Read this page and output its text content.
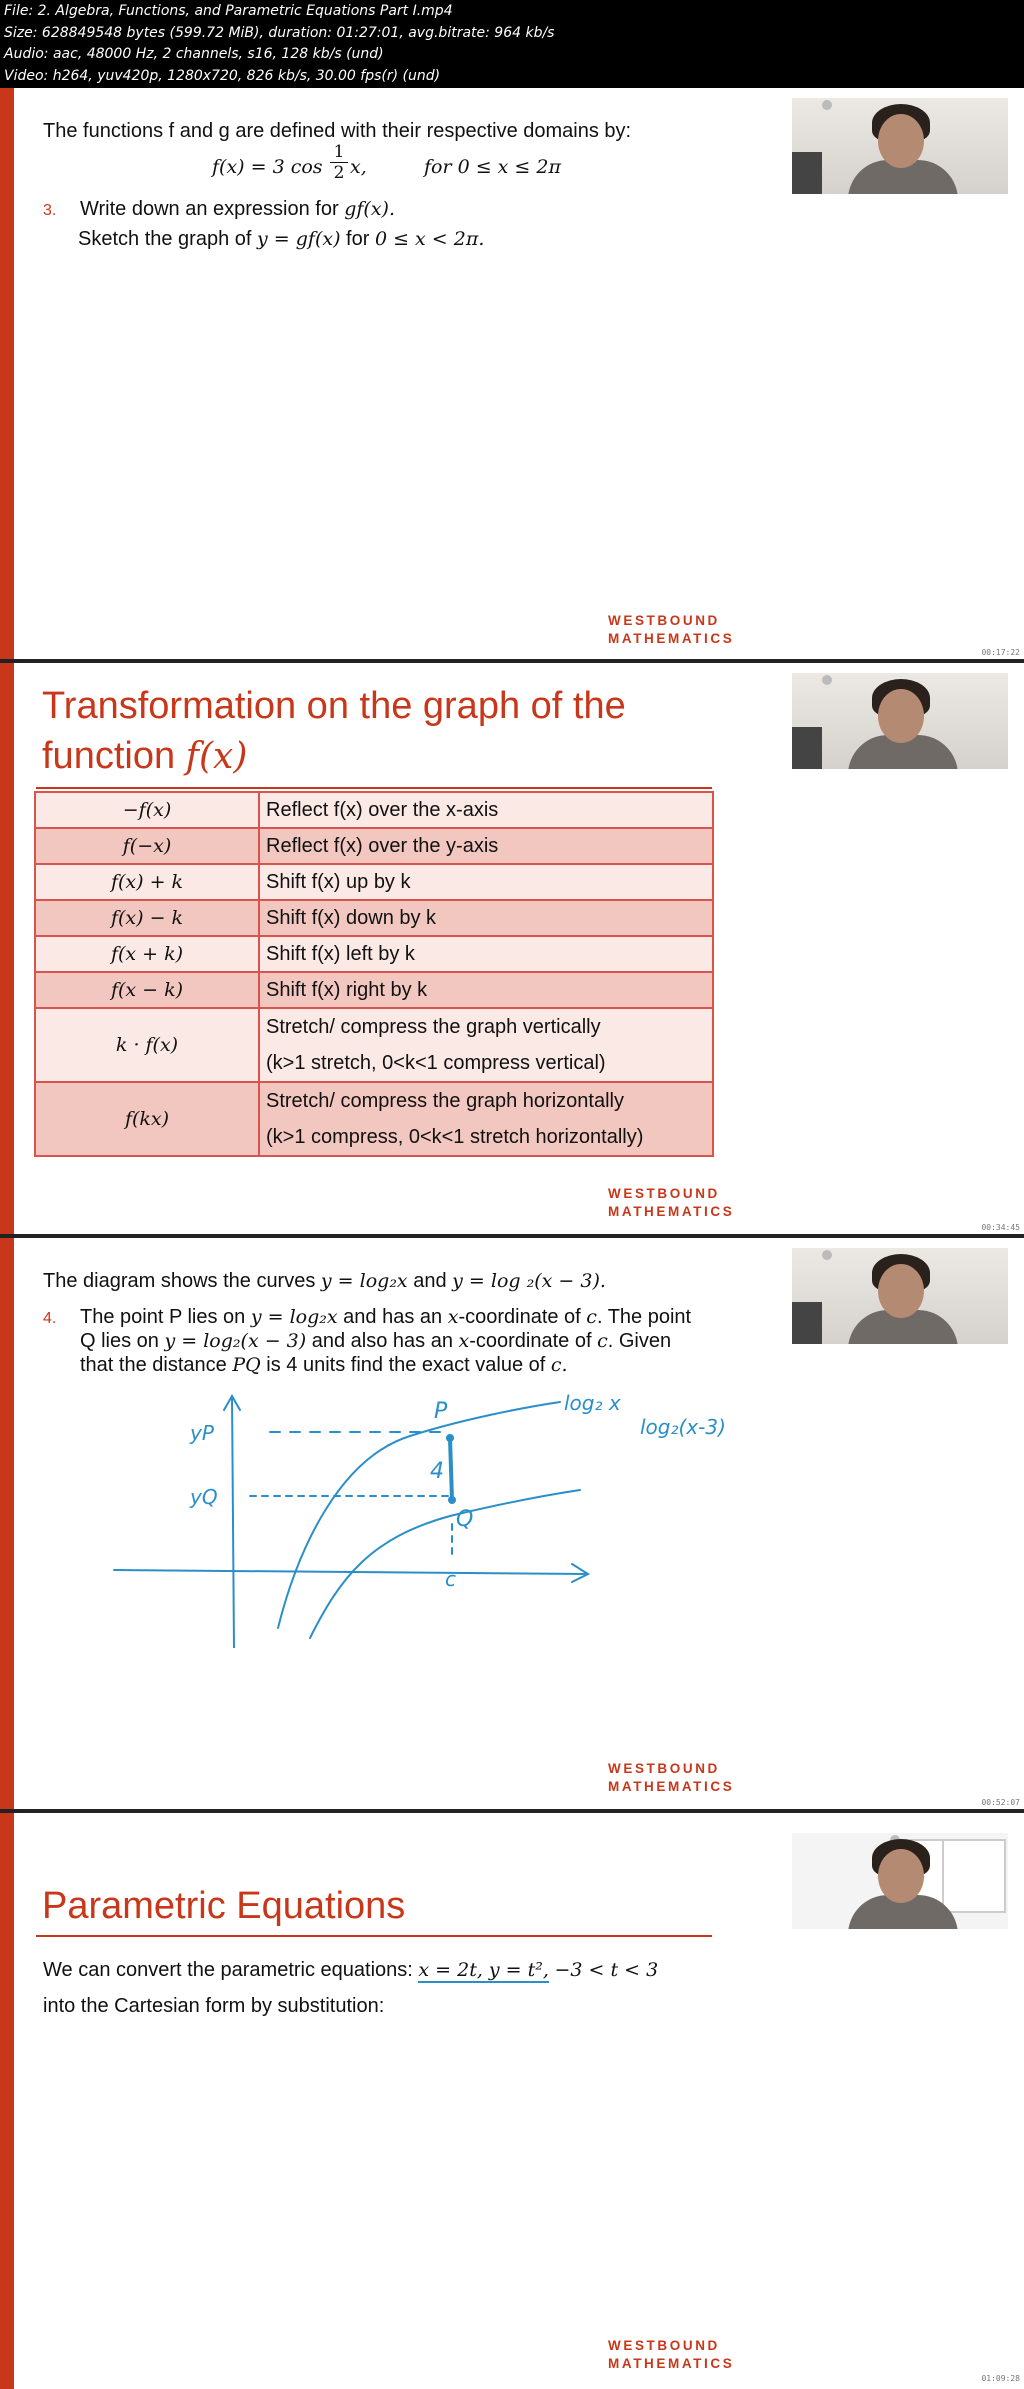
File: 2. Algebra, Functions, and Parametric Equations Part I.mp4
Size: 628849548 bytes (599.72 MiB), duration: 01:27:01, avg.bitrate: 964 kb/s
Audio: aac, 48000 Hz, 2 channels, s16, 128 kb/s (und)
Video: h264, yuv420p, 1280x720, 826 kb/s, 30.00 fps(r) (und)
The functions f and g are defined with their respective domains by:
f(x) = 3 cos
1
2 x,	for 0 ≤ x ≤ 2π
3. Write down an expression for gf(x).
Sketch the graph of y = gf(x) for 0 ≤ x < 2π.
WESTBOUND
MATHEMATICS
00:17:22
Transformation on the graph of the
function f(x)
−f(x)	Reflect f(x) over the x-axis
f(−x)	Reflect f(x) over the y-axis
f(x) + k	Shift f(x) up by k
f(x) − k	Shift f(x) down by k
f(x + k)	Shift f(x) left by k
f(x − k)	Shift f(x) right by k
k · f(x)	Stretch/ compress the graph vertically
(k>1 stretch, 0<k<1 compress vertical)

f(kx)	Stretch/ compress the graph horizontally
(k>1 compress, 0<k<1 stretch horizontally)
WESTBOUND
MATHEMATICS
00:34:45
The diagram shows the curves y = log₂x and y = log ₂(x − 3).
4. The point P lies on y = log₂x and has an x-coordinate of c. The point
Q lies on y = log₂(x − 3) and also has an x-coordinate of c. Given
that the distance PQ is 4 units find the exact value of c.
P
Q
c
4
yP
yQ
log₂ x
log₂(x-3)
WESTBOUND
MATHEMATICS
00:52:07
Parametric Equations
We can convert the parametric equations: x = 2t, y = t², −3 < t < 3
into the Cartesian form by substitution:
WESTBOUND
MATHEMATICS
01:09:28
